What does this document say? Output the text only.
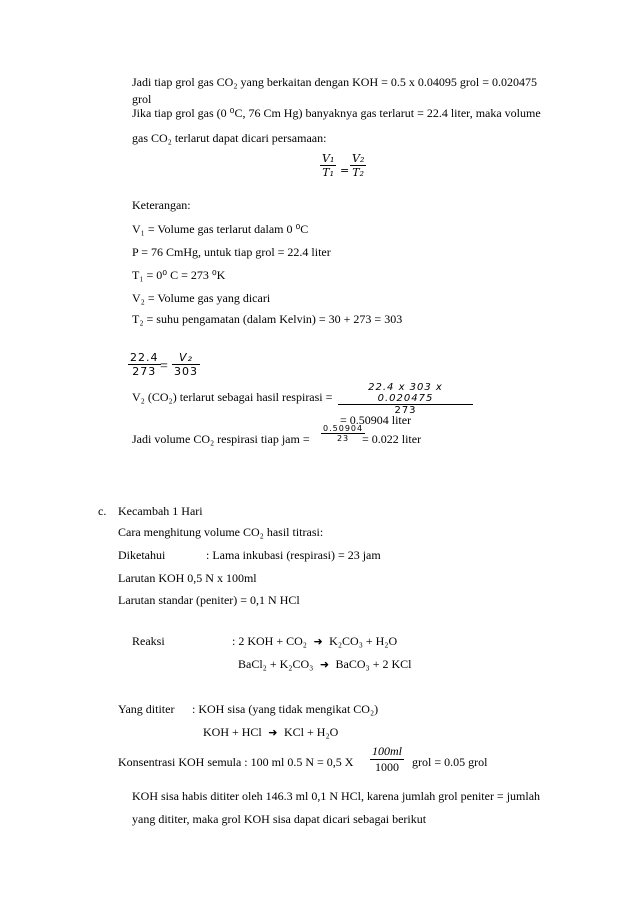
Jadi tiap grol gas CO₂ yang berkaitan dengan KOH = 0.5 x 0.04095 grol = 0.020475
grol
Jika tiap grol gas (0 ⁰C, 76 Cm Hg) banyaknya gas terlarut = 22.4 liter, maka volume
gas CO₂ terlarut dapat dicari persamaan:
$\frac{\text{V₁}}{\text{T₁}} = \frac{\text{V₂}}{\text{T₂}}$
Keterangan:
V₁ = Volume gas terlarut dalam 0 ⁰C
P = 76 CmHg, untuk tiap grol = 22.4 liter
T₁ = 0⁰ C = 273 ⁰K
V₂ = Volume gas yang dicari
T₂ = suhu pengamatan (dalam Kelvin) = 30 + 273 = 303
$\frac{22.4}{273} = \frac{\text{V₂}}{303}$
V₂ (CO₂) terlarut sebagai hasil respirasi = $\frac{22.4 x 303 x 0.020475}{273}$
= 0.50904 liter
Jadi volume CO₂ respirasi tiap jam = $\frac{0.50904}{23}$
= 0.022 liter
c. Kecambah 1 Hari
Cara menghitung volume CO₂ hasil titrasi:
Diketahui	: Lama inkubasi (respirasi) = 23 jam
Larutan KOH 0,5 N x 100ml
Larutan standar (peniter) = 0,1 N HCl
Reaksi	: 2 KOH + CO₂  ➜  K₂CO₃ + H₂O
BaCl₂ + K₂CO₃  ➜  BaCO₃ + 2 KCl
Yang dititer : KOH sisa (yang tidak mengikat CO₂)
KOH + HCl  ➜  KCl + H₂O
Konsentrasi KOH semula : 100 ml 0.5 N = 0,5 X $\frac{100ml}{1000}$ grol = 0.05 grol
KOH sisa habis dititer oleh 146.3 ml 0,1 N HCl, karena jumlah grol peniter = jumlah
yang dititer, maka grol KOH sisa dapat dicari sebagai berikut
